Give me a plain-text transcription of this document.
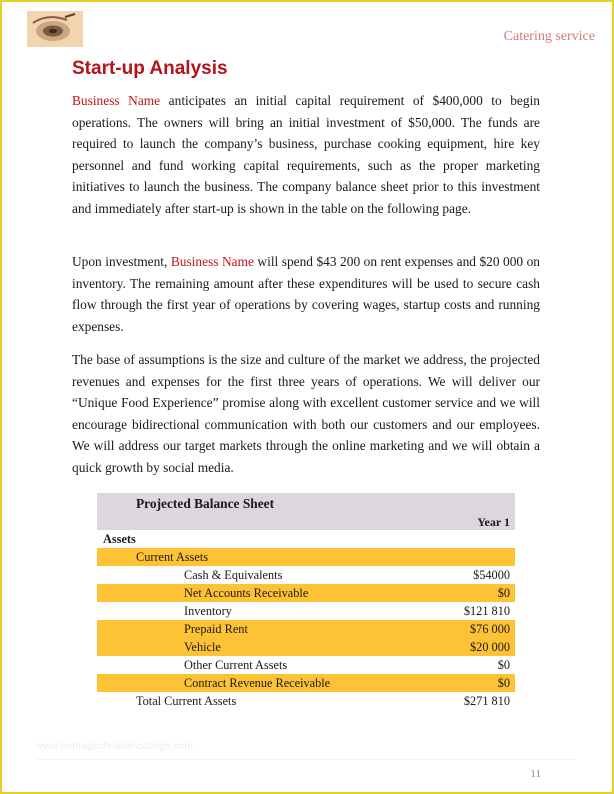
Catering service
Start-up Analysis

Business Name anticipates an initial capital requirement of $400,000 to begin operations. The owners will bring an initial investment of $50,000. The funds are required to launch the company’s business, purchase cooking equipment, hire key personnel and fund working capital requirements, such as the proper marketing initiatives to launch the business. The company balance sheet prior to this investment and immediately after start-up is shown in the table on the following page.

Upon investment, Business Name will spend $43 200 on rent expenses and $20 000 on inventory. The remaining amount after these expenditures will be used to secure cash flow through the first year of operations by covering wages, startup costs and running expenses.

The base of assumptions is the size and culture of the market we address, the projected revenues and expenses for the first three years of operations. We will deliver our “Unique Food Experience” promise along with excellent customer service and we will encourage bidirectional communication with both our customers and our employees. We will address our target markets through the online marketing and we will obtain a quick growth by social media.

Projected Balance Sheet
Year 1
Assets
Current Assets
Cash & Equivalents	$54000
Net Accounts Receivable	$0
Inventory	$121 810
Prepaid Rent	$76 000
Vehicle	$20 000
Other Current Assets	$0
Contract Revenue Receivable	$0
Total Current Assets	$271 810
www.heritagechristiancollege.com
11
